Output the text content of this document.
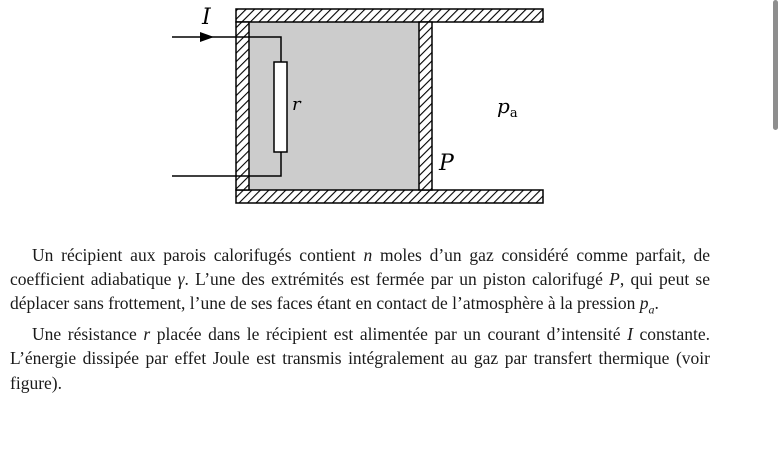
I
r	$p_a$
P

Un récipient aux parois calorifugés contient n moles d’un gaz considéré comme parfait, de coefficient adiabatique γ. L’une des extrémités est fermée par un piston calorifugé P, qui peut se déplacer sans frottement, l’une de ses faces étant en contact de l’atmosphère à la pression $p_a$.

Une résistance r placée dans le récipient est alimentée par un courant d’intensité I constante. L’énergie dissipée par effet Joule est transmis intégralement au gaz par transfert thermique (voir figure).
